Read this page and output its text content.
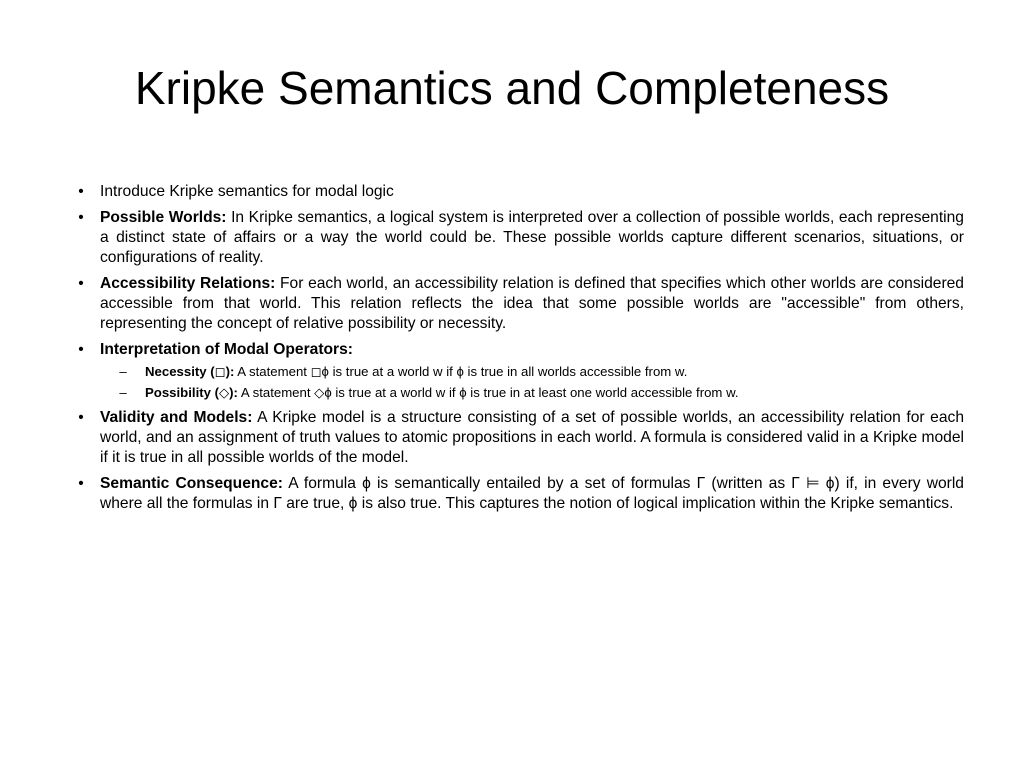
Kripke Semantics and Completeness
• Introduce Kripke semantics for modal logic
• Possible Worlds: In Kripke semantics, a logical system is interpreted over a collection of possible worlds, each representing a distinct state of affairs or a way the world could be. These possible worlds capture different scenarios, situations, or configurations of reality.
• Accessibility Relations: For each world, an accessibility relation is defined that specifies which other worlds are considered accessible from that world. This relation reflects the idea that some possible worlds are "accessible" from others, representing the concept of relative possibility or necessity.
• Interpretation of Modal Operators:
– Necessity (◻): A statement ◻ϕ is true at a world w if ϕ is true in all worlds accessible from w.
– Possibility (◇): A statement ◇ϕ is true at a world w if ϕ is true in at least one world accessible from w.
• Validity and Models: A Kripke model is a structure consisting of a set of possible worlds, an accessibility relation for each world, and an assignment of truth values to atomic propositions in each world. A formula is considered valid in a Kripke model if it is true in all possible worlds of the model.
• Semantic Consequence: A formula ϕ is semantically entailed by a set of formulas Γ (written as Γ ⊨ ϕ) if, in every world where all the formulas in Γ are true, ϕ is also true. This captures the notion of logical implication within the Kripke semantics.
